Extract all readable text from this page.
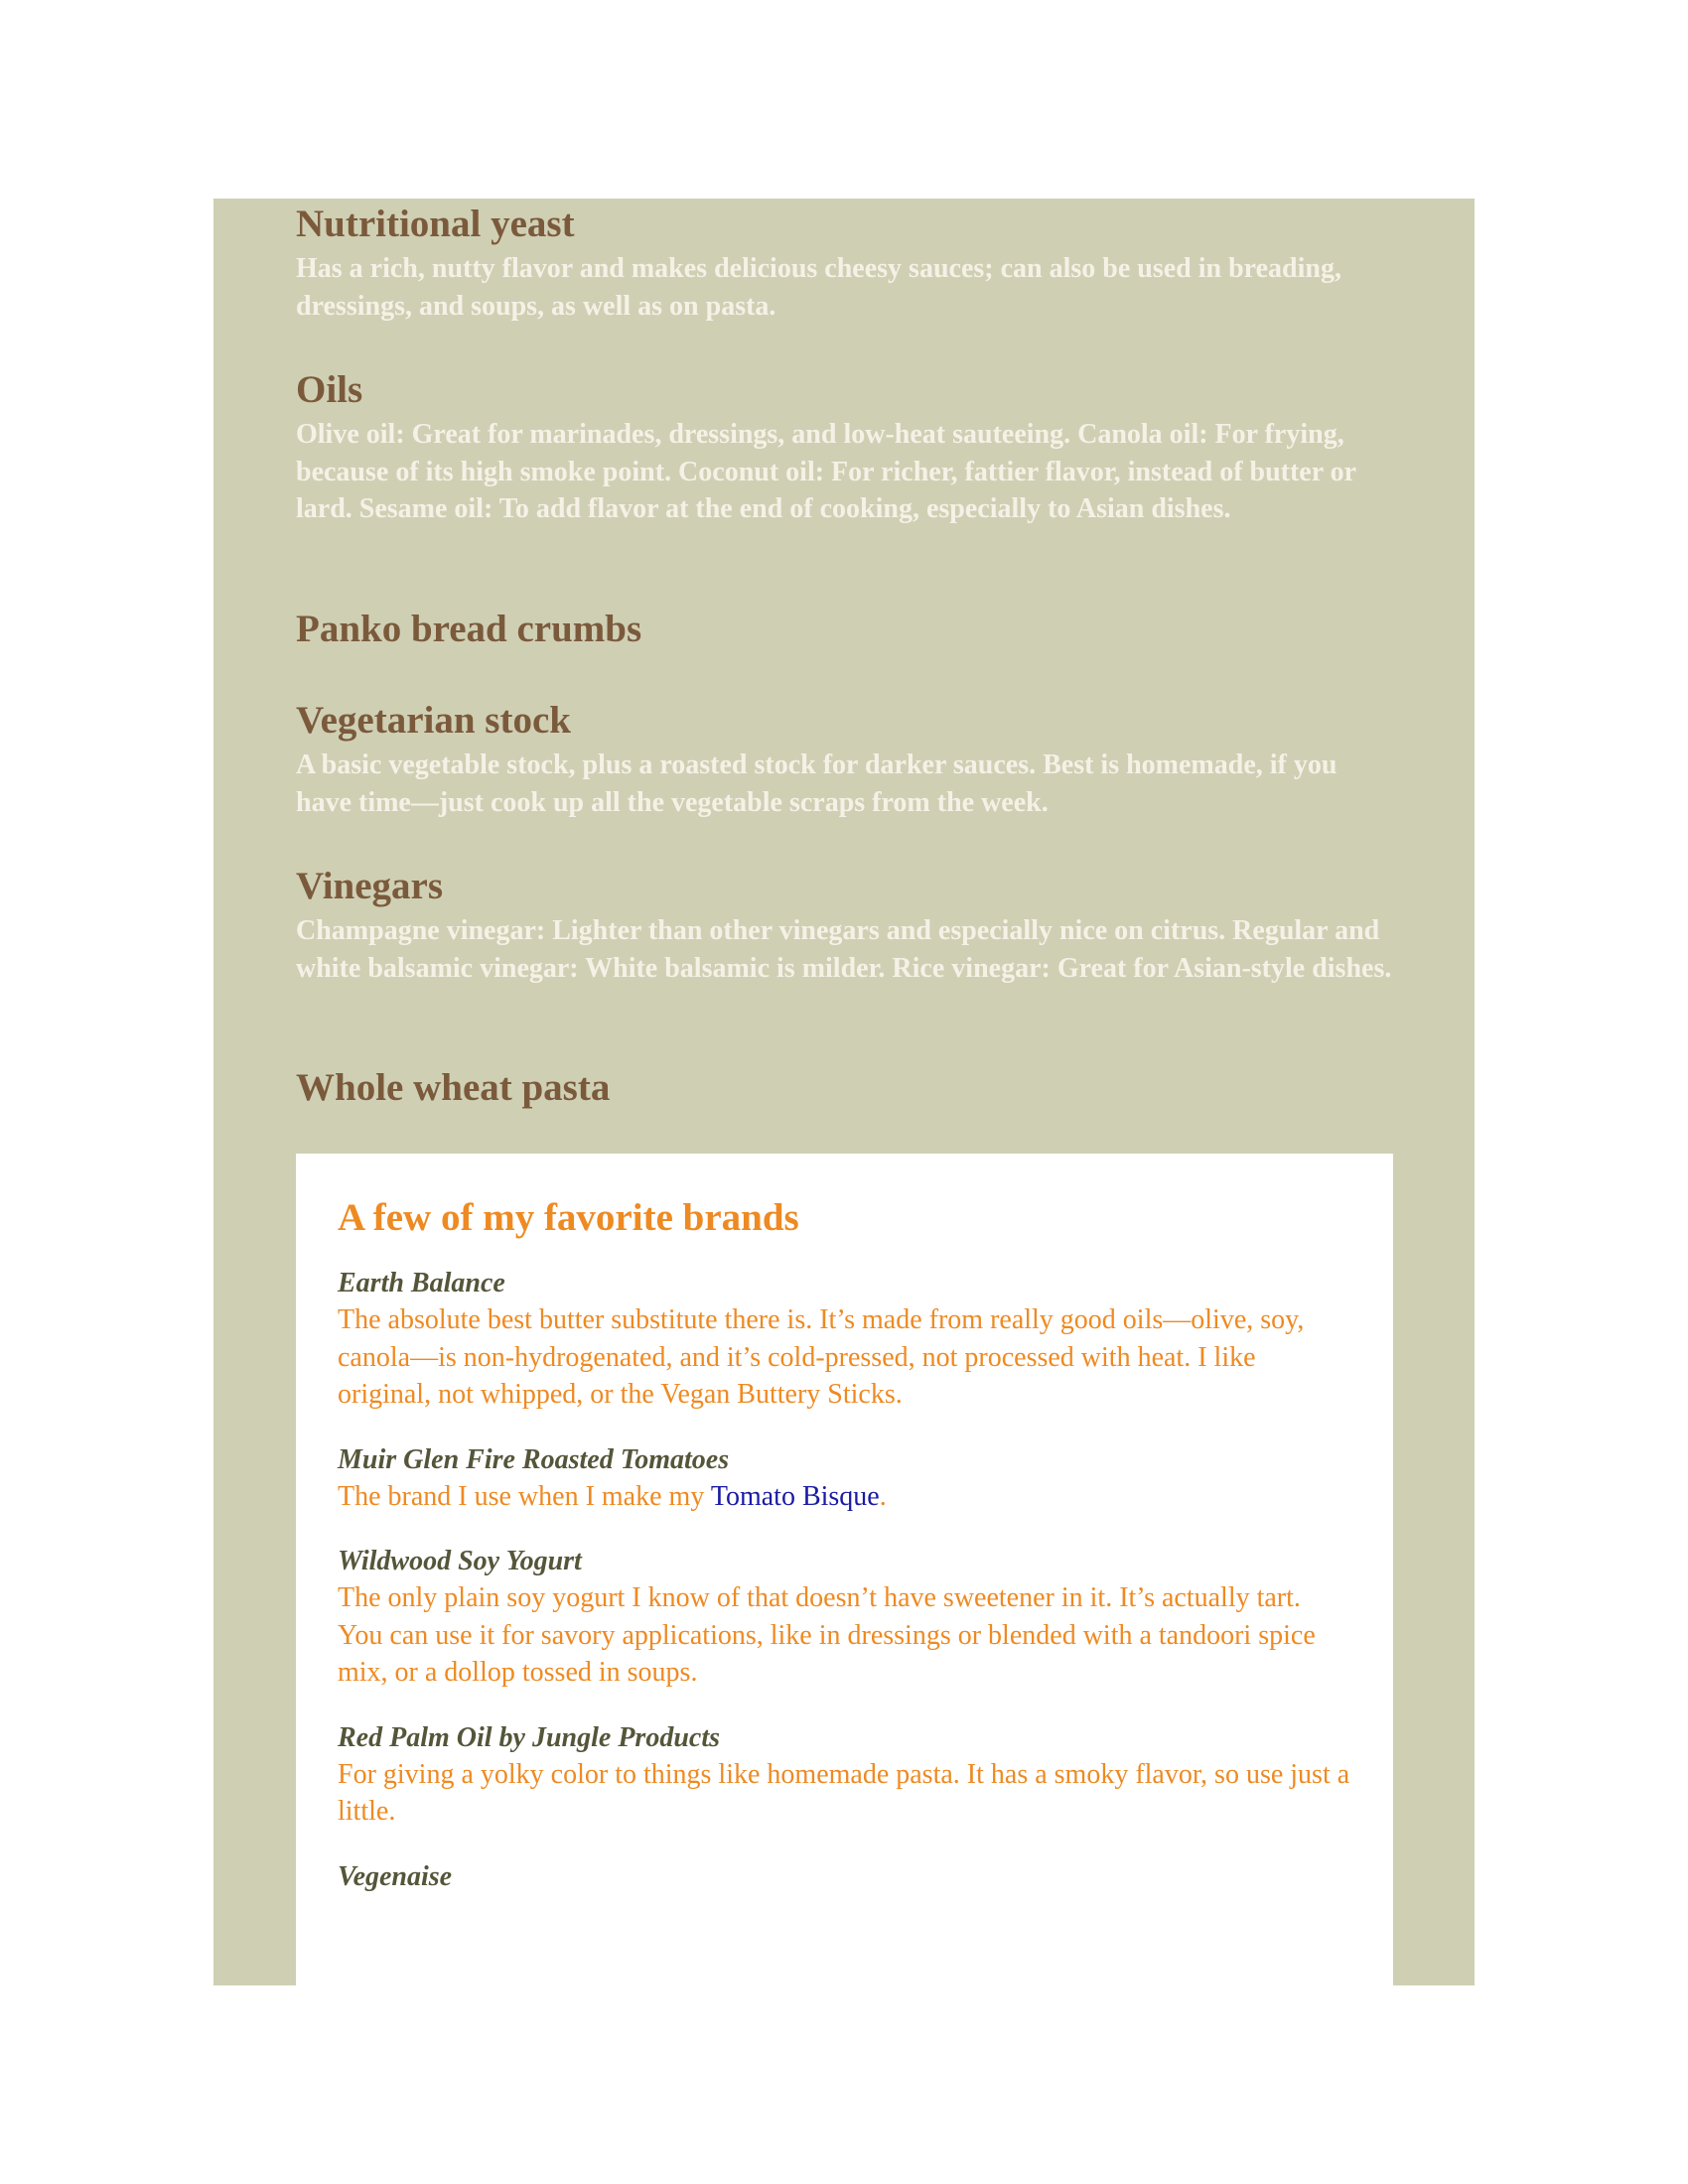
Nutritional yeast

Has a rich, nutty flavor and makes delicious cheesy sauces; can also be used in breading, dressings, and soups, as well as on pasta.

Oils

Olive oil: Great for marinades, dressings, and low-heat sauteeing. Canola oil: For frying, because of its high smoke point. Coconut oil: For richer, fattier flavor, instead of butter or lard. Sesame oil: To add flavor at the end of cooking, especially to Asian dishes.

Panko bread crumbs
Vegetarian stock

A basic vegetable stock, plus a roasted stock for darker sauces. Best is homemade, if you have time—just cook up all the vegetable scraps from the week.

Vinegars

Champagne vinegar: Lighter than other vinegars and especially nice on citrus. Regular and white balsamic vinegar: White balsamic is milder. Rice vinegar: Great for Asian-style dishes.

Whole wheat pasta
A few of my favorite brands
Earth Balance
The absolute best butter substitute there is. It’s made from really good oils—olive, soy, canola—is non-hydrogenated, and it’s cold-pressed, not processed with heat. I like original, not whipped, or the Vegan Buttery Sticks.
Muir Glen Fire Roasted Tomatoes
The brand I use when I make my Tomato Bisque.
Wildwood Soy Yogurt
The only plain soy yogurt I know of that doesn’t have sweetener in it. It’s actually tart. You can use it for savory applications, like in dressings or blended with a tandoori spice mix, or a dollop tossed in soups.
Red Palm Oil by Jungle Products
For giving a yolky color to things like homemade pasta. It has a smoky flavor, so use just a little.
Vegenaise
